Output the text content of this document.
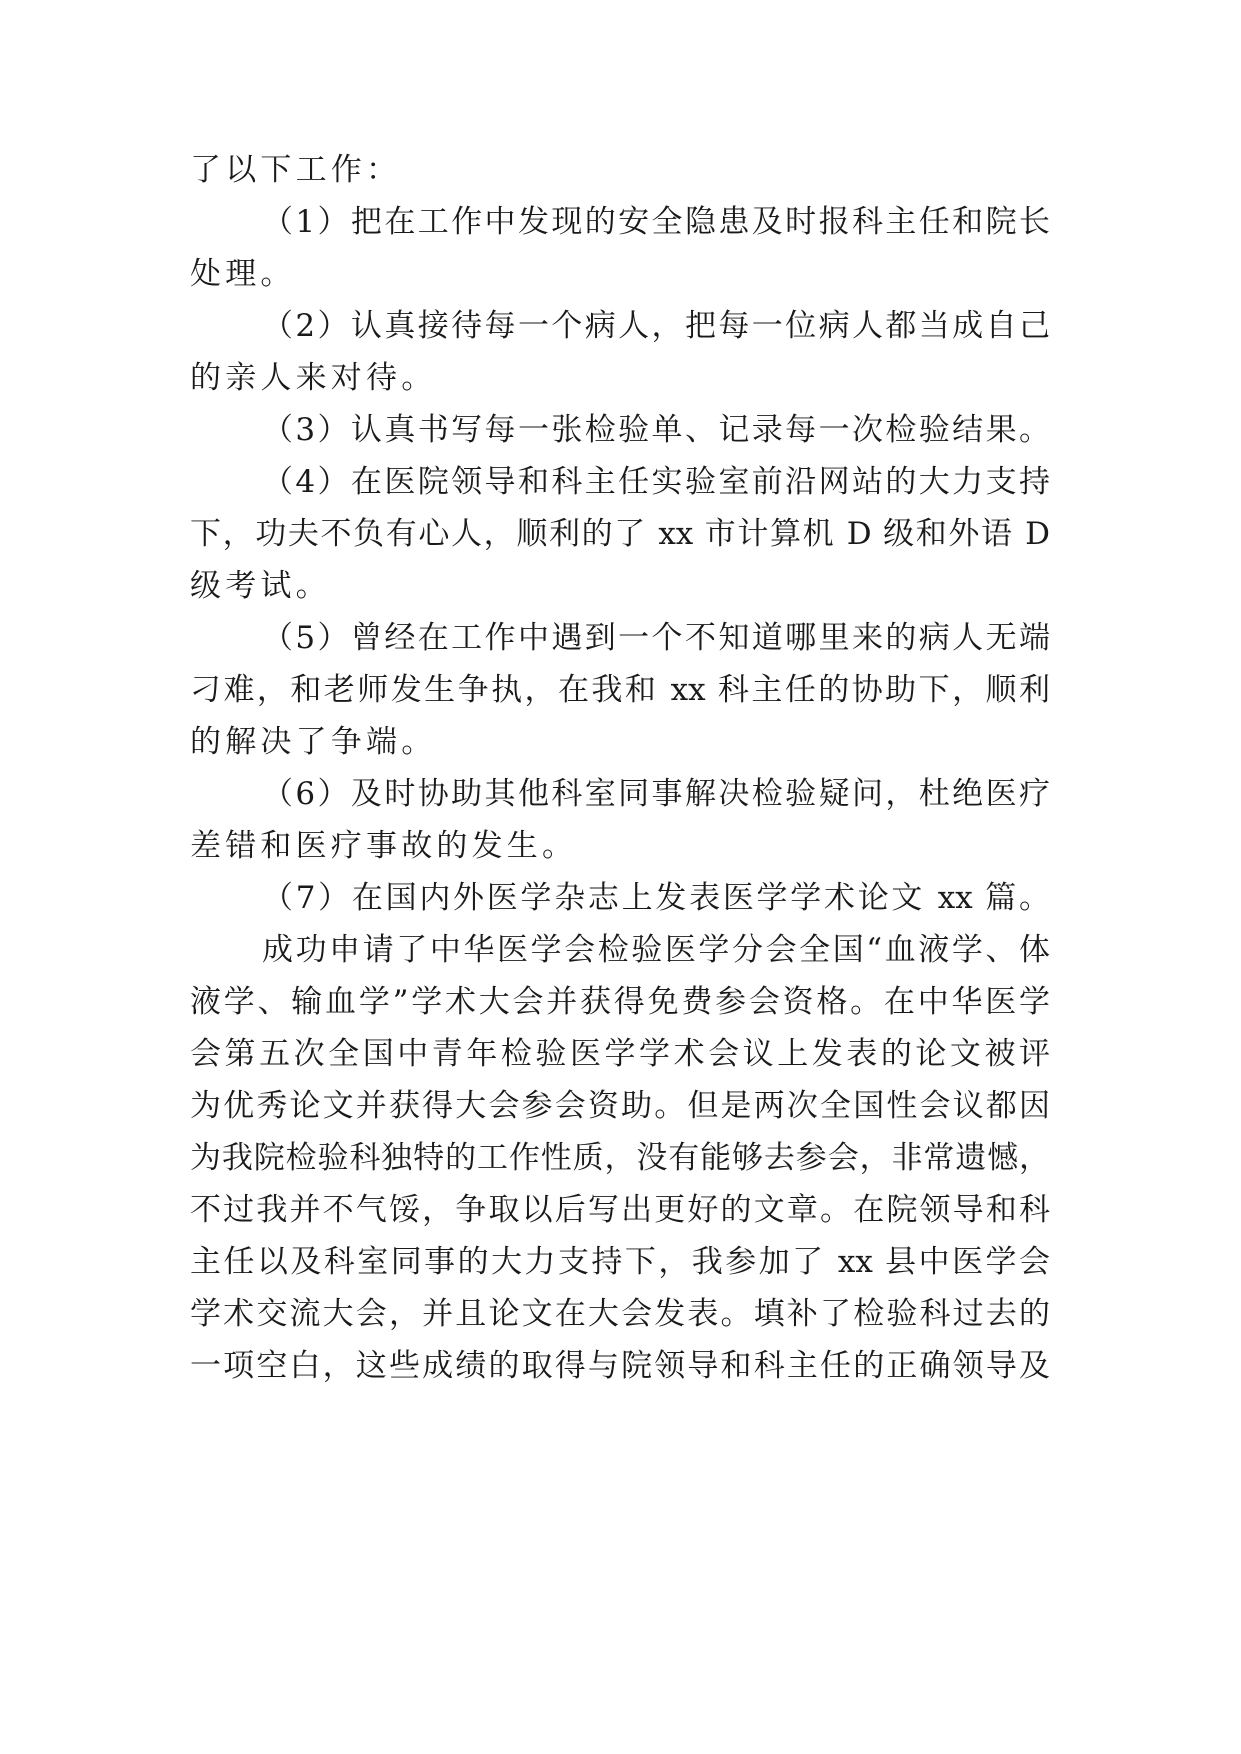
了以下工作：
（1）把在工作中发现的安全隐患及时报科主任和院长
处理。
（2）认真接待每一个病人，把每一位病人都当成自己
的亲人来对待。
（3）认真书写每一张检验单、记录每一次检验结果。
（4）在医院领导和科主任实验室前沿网站的大力支持
下，功夫不负有心人，顺利的了 xx 市计算机 D 级和外语 D
级考试。
（5）曾经在工作中遇到一个不知道哪里来的病人无端
刁难，和老师发生争执，在我和 xx 科主任的协助下，顺利
的解决了争端。
（6）及时协助其他科室同事解决检验疑问，杜绝医疗
差错和医疗事故的发生。
（7）在国内外医学杂志上发表医学学术论文 xx 篇。
成功申请了中华医学会检验医学分会全国“血液学、体
液学、输血学”学术大会并获得免费参会资格。在中华医学
会第五次全国中青年检验医学学术会议上发表的论文被评
为优秀论文并获得大会参会资助。但是两次全国性会议都因
为我院检验科独特的工作性质，没有能够去参会，非常遗憾，
不过我并不气馁，争取以后写出更好的文章。在院领导和科
主任以及科室同事的大力支持下，我参加了 xx 县中医学会
学术交流大会，并且论文在大会发表。填补了检验科过去的
一项空白，这些成绩的取得与院领导和科主任的正确领导及
